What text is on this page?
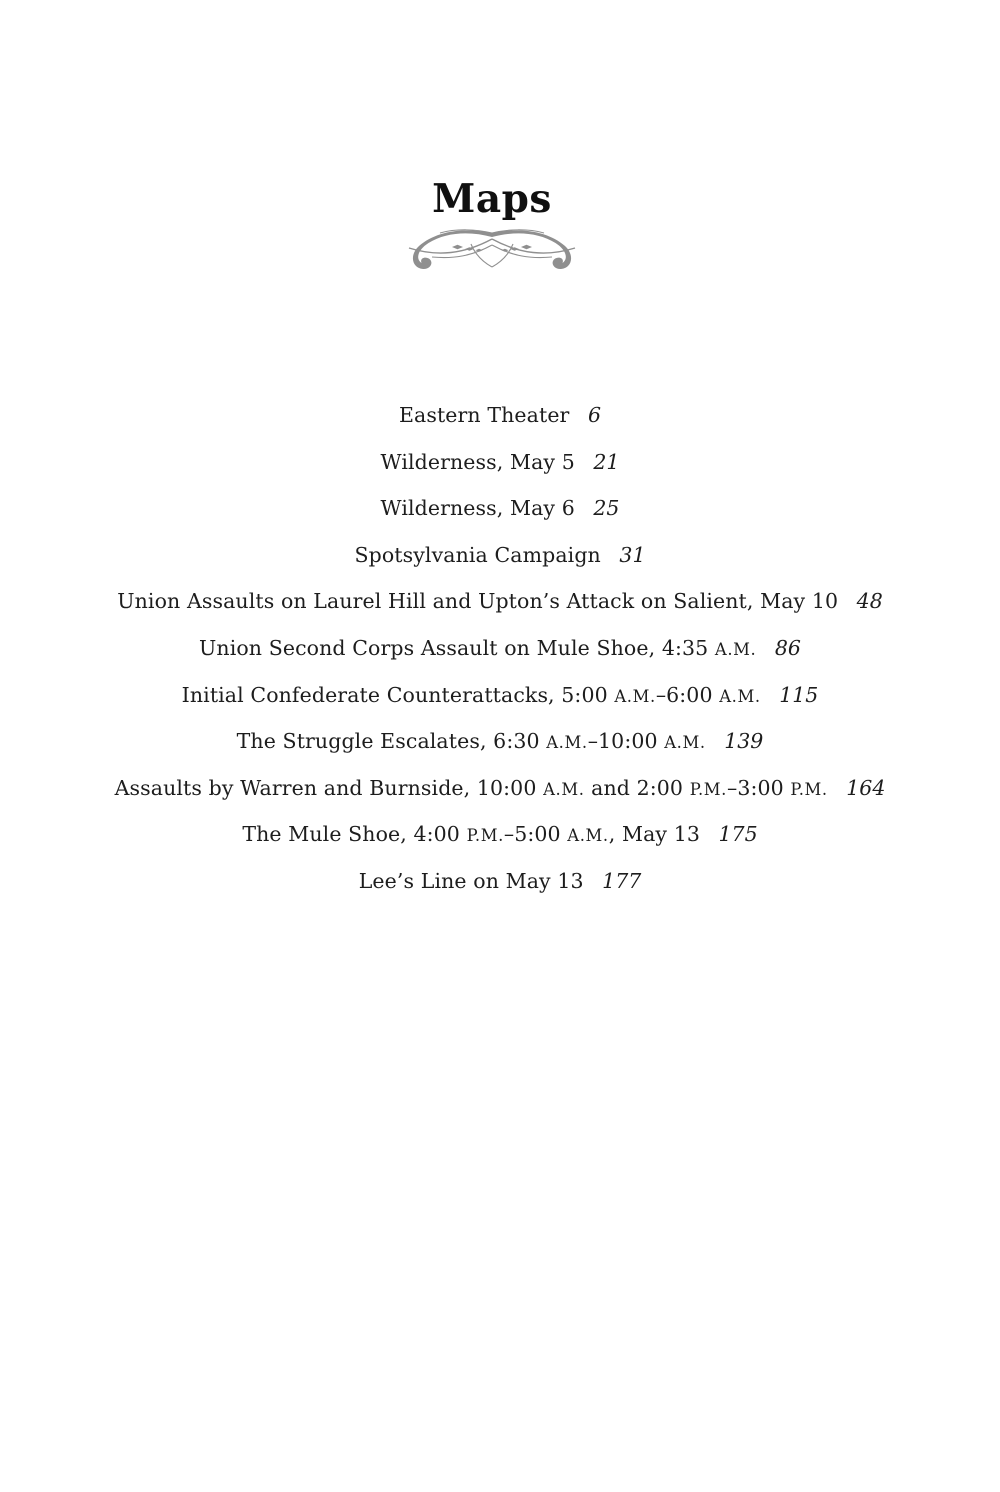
Maps
Eastern Theater 6
Wilderness, May 5 21
Wilderness, May 6 25
Spotsylvania Campaign 31
Union Assaults on Laurel Hill and Upton’s Attack on Salient, May 10 48
Union Second Corps Assault on Mule Shoe, 4:35 A.M. 86
Initial Confederate Counterattacks, 5:00 A.M.–6:00 A.M. 115
The Struggle Escalates, 6:30 A.M.–10:00 A.M. 139
Assaults by Warren and Burnside, 10:00 A.M. and 2:00 P.M.–3:00 P.M. 164
The Mule Shoe, 4:00 P.M.–5:00 A.M., May 13 175
Lee’s Line on May 13 177
